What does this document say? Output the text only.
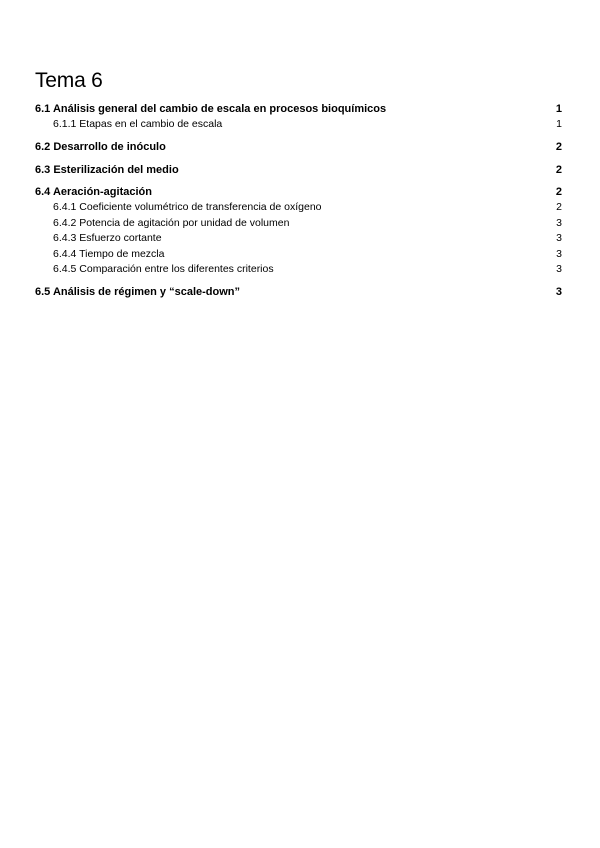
Tema 6
6.1 Análisis general del cambio de escala en procesos bioquímicos	1
6.1.1 Etapas en el cambio de escala	1
6.2 Desarrollo de inóculo	2
6.3 Esterilización del medio	2
6.4 Aeración-agitación	2
6.4.1 Coeficiente volumétrico de transferencia de oxígeno	2
6.4.2 Potencia de agitación por unidad de volumen	3
6.4.3 Esfuerzo cortante	3
6.4.4 Tiempo de mezcla	3
6.4.5 Comparación entre los diferentes criterios	3
6.5 Análisis de régimen y “scale-down”	3
